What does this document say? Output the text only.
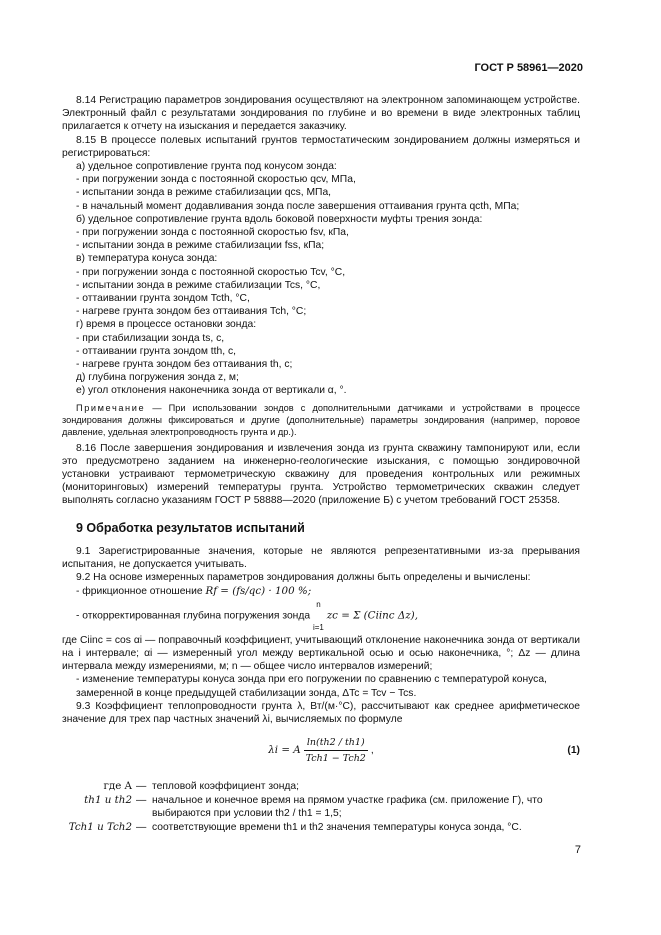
ГОСТ Р 58961—2020

8.14 Регистрацию параметров зондирования осуществляют на электронном запоминающем устройстве. Электронный файл с результатами зондирования по глубине и во времени в виде электронных таблиц прилагается к отчету на изыскания и передается заказчику.

8.15 В процессе полевых испытаний грунтов термостатическим зондированием должны измеряться и регистрироваться:

а) удельное сопротивление грунта под конусом зонда:

- при погружении зонда с постоянной скоростью qcv, МПа,

- испытании зонда в режиме стабилизации qcs, МПа,

- в начальный момент додавливания зонда после завершения оттаивания грунта qcth, МПа;

б) удельное сопротивление грунта вдоль боковой поверхности муфты трения зонда:

- при погружении зонда с постоянной скоростью fsv, кПа,

- испытании зонда в режиме стабилизации fss, кПа;

в) температура конуса зонда:

- при погружении зонда с постоянной скоростью Tcv, °С,

- испытании зонда в режиме стабилизации Tcs, °С,

- оттаивании грунта зондом Tcth, °С,

- нагреве грунта зондом без оттаивания Tch, °С;

г) время в процессе остановки зонда:

- при стабилизации зонда ts, с,

- оттаивании грунта зондом tth, с,

- нагреве грунта зондом без оттаивания th, с;

д) глубина погружения зонда z, м;

е) угол отклонения наконечника зонда от вертикали α, °.

Примечание — При использовании зондов с дополнительными датчиками и устройствами в процессе зондирования должны фиксироваться и другие (дополнительные) параметры зондирования (например, поровое давление, удельная электропроводность грунта и др.).

8.16 После завершения зондирования и извлечения зонда из грунта скважину тампонируют или, если это предусмотрено заданием на инженерно-геологические изыскания, с помощью зондировочной установки устраивают термометрическую скважину для проведения контрольных или режимных (мониторинговых) измерений температуры грунта. Устройство термометрических скважин следует выполнять согласно указаниям ГОСТ Р 58888—2020 (приложение Б) с учетом требований ГОСТ 25358.

9 Обработка результатов испытаний

9.1 Зарегистрированные значения, которые не являются репрезентативными из-за прерывания испытания, не допускается учитывать.

9.2 На основе измеренных параметров зондирования должны быть определены и вычислены:

- фрикционное отношение Rf = (fs/qc) · 100 %;

- откорректированная глубина погружения зонда
n

i=1
zc = Σ (Ciinc Δz),

где Ciinc = cos αi — поправочный коэффициент, учитывающий отклонение наконечника зонда от вертикали на i интервале; αi — измеренный угол между вертикальной осью и осью наконечника, °; Δz — длина интервала между измерениями, м; n — общее число интервалов измерений;

- изменение температуры конуса зонда при его погружении по сравнению с температурой конуса, замеренной в конце предыдущей стабилизации зонда, ΔTc = Tcv − Tcs.

9.3 Коэффициент теплопроводности грунта λ, Вт/(м·°С), рассчитывают как среднее арифметическое значение для трех пар частных значений λi, вычисляемых по формуле

λi = A $\frac{\ln(th2 / th1)}{\text{Tch1 − Tch2}}$ ,	(1)
где A — тепловой коэффициент зонда;
th1 и th2 — начальное и конечное время на прямом участке графика (см. приложение Г), что выбираются при условии th2 / th1 = 1,5;
Tch1 и Tch2 — соответствующие времени th1 и th2 значения температуры конуса зонда, °С.
7
